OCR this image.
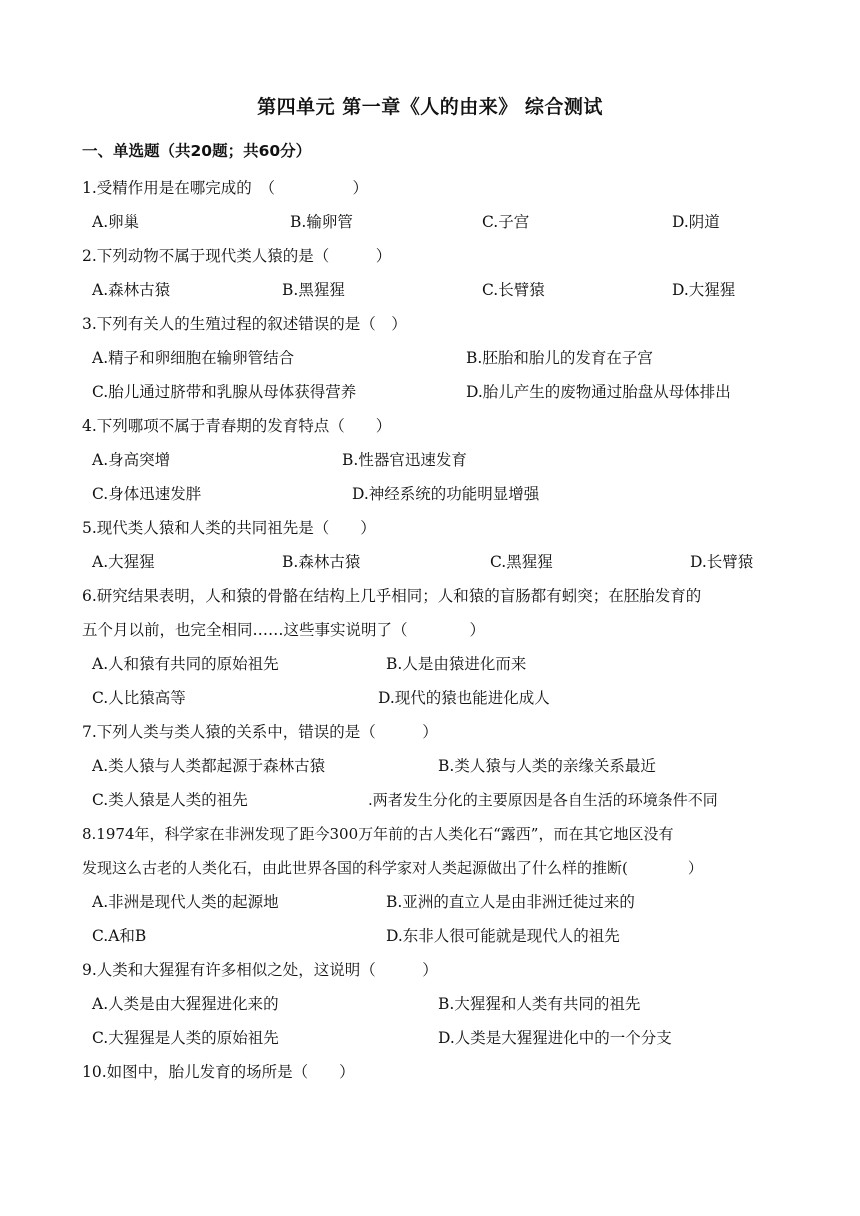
第四单元 第一章《人的由来》 综合测试
一、单选题（共20题；共60分）
1.受精作用是在哪完成的　（　　　　　）
A.卵巢	B.输卵管	C.子宫	D.阴道
2.下列动物不属于现代类人猿的是（　　　）
A.森林古猿	B.黑猩猩	C.长臂猿	D.大猩猩
3.下列有关人的生殖过程的叙述错误的是（　）
A.精子和卵细胞在输卵管结合	B.胚胎和胎儿的发育在子宫
C.胎儿通过脐带和乳腺从母体获得营养	D.胎儿产生的废物通过胎盘从母体排出
4.下列哪项不属于青春期的发育特点（　　）
A.身高突增	B.性器官迅速发育
C.身体迅速发胖	D.神经系统的功能明显增强
5.现代类人猿和人类的共同祖先是（　　）
A.大猩猩	B.森林古猿	C.黑猩猩	D.长臂猿
6.研究结果表明，人和猿的骨骼在结构上几乎相同；人和猿的盲肠都有蚓突；在胚胎发育的
五个月以前，也完全相同……这些事实说明了（　　　　）
A.人和猿有共同的原始祖先	B.人是由猿进化而来
C.人比猿高等	D.现代的猿也能进化成人
7.下列人类与类人猿的关系中，错误的是（　　　）
A.类人猿与人类都起源于森林古猿	B.类人猿与人类的亲缘关系最近
C.类人猿是人类的祖先	.两者发生分化的主要原因是各自生活的环境条件不同
8.1974年，科学家在非洲发现了距今300万年前的古人类化石“露西”，而在其它地区没有
发现这么古老的人类化石，由此世界各国的科学家对人类起源做出了什么样的推断(　　　　）
A.非洲是现代人类的起源地	B.亚洲的直立人是由非洲迁徙过来的
C.A和B	D.东非人很可能就是现代人的祖先
9.人类和大猩猩有许多相似之处，这说明（　　　）
A.人类是由大猩猩进化来的	B.大猩猩和人类有共同的祖先
C.大猩猩是人类的原始祖先	D.人类是大猩猩进化中的一个分支
10.如图中，胎儿发育的场所是（　　）
